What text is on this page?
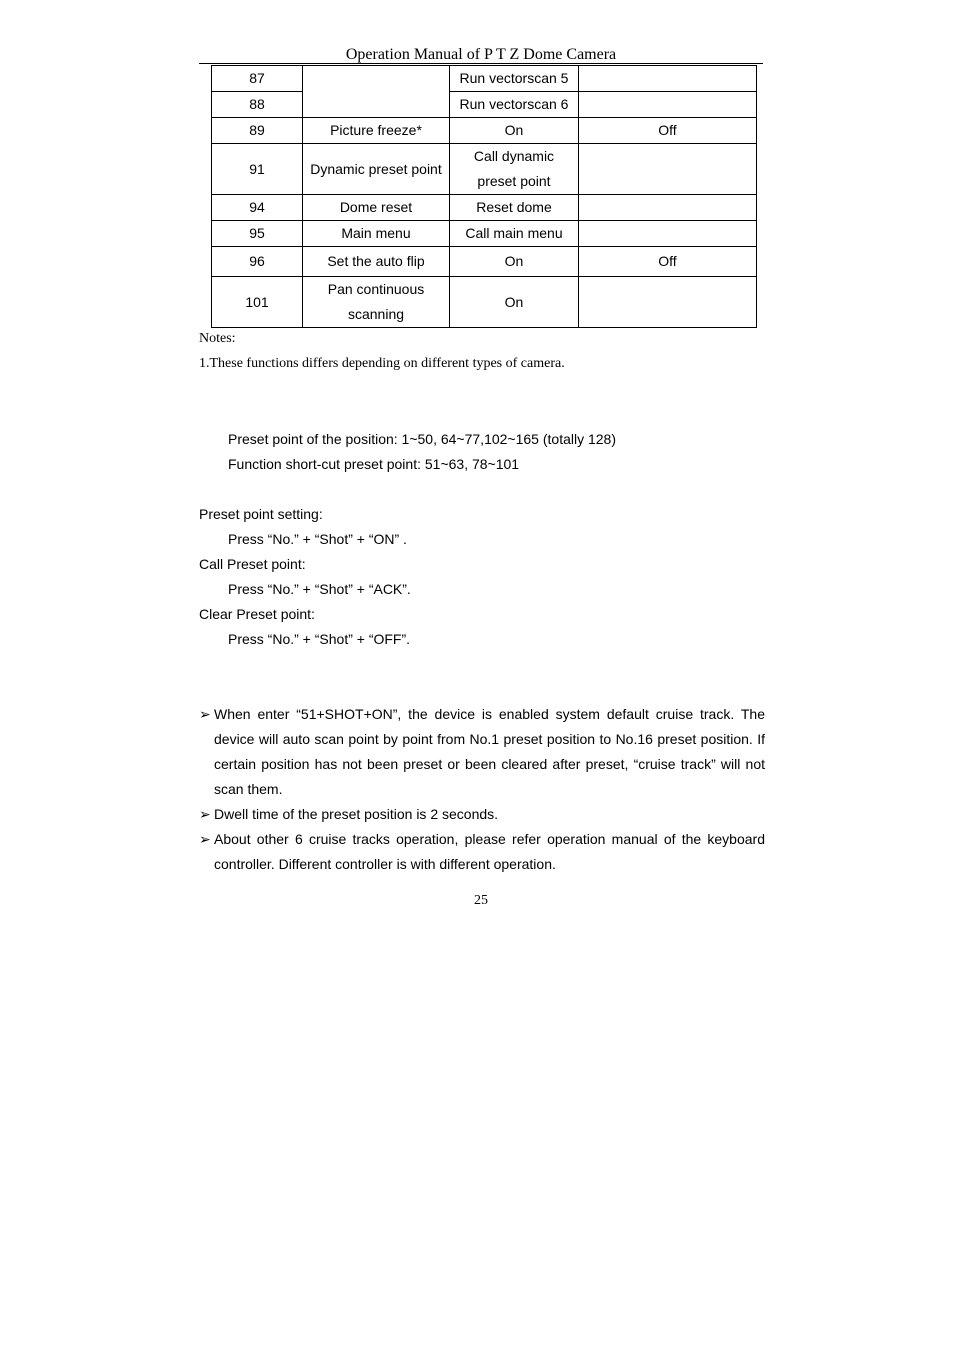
Operation Manual of P T Z Dome Camera
87		Run vectorscan 5	
88		Run vectorscan 6	
89	Picture freeze*	On	Off
91	Dynamic preset point	Call dynamic preset point	
94	Dome reset	Reset dome	
95	Main menu	Call main menu	
96	Set the auto flip	On	Off
101	Pan continuous scanning	On	
Notes:
1.These functions differs depending on different types of camera.
Preset point of the position: 1~50, 64~77,102~165 (totally 128)
Function short-cut preset point: 51~63, 78~101
Preset point setting:
Press “No.” + “Shot” + “ON” .
Call Preset point:
Press “No.” + “Shot” + “ACK”.
Clear Preset point:
Press “No.” + “Shot” + “OFF”.
➢ When enter “51+SHOT+ON”, the device is enabled system default cruise track. The device will auto scan point by point from No.1 preset position to No.16 preset position. If certain position has not been preset or been cleared after preset, “cruise track” will not scan them.
➢ Dwell time of the preset position is 2 seconds.
➢ About other 6 cruise tracks operation, please refer operation manual of the keyboard controller. Different controller is with different operation.
25
